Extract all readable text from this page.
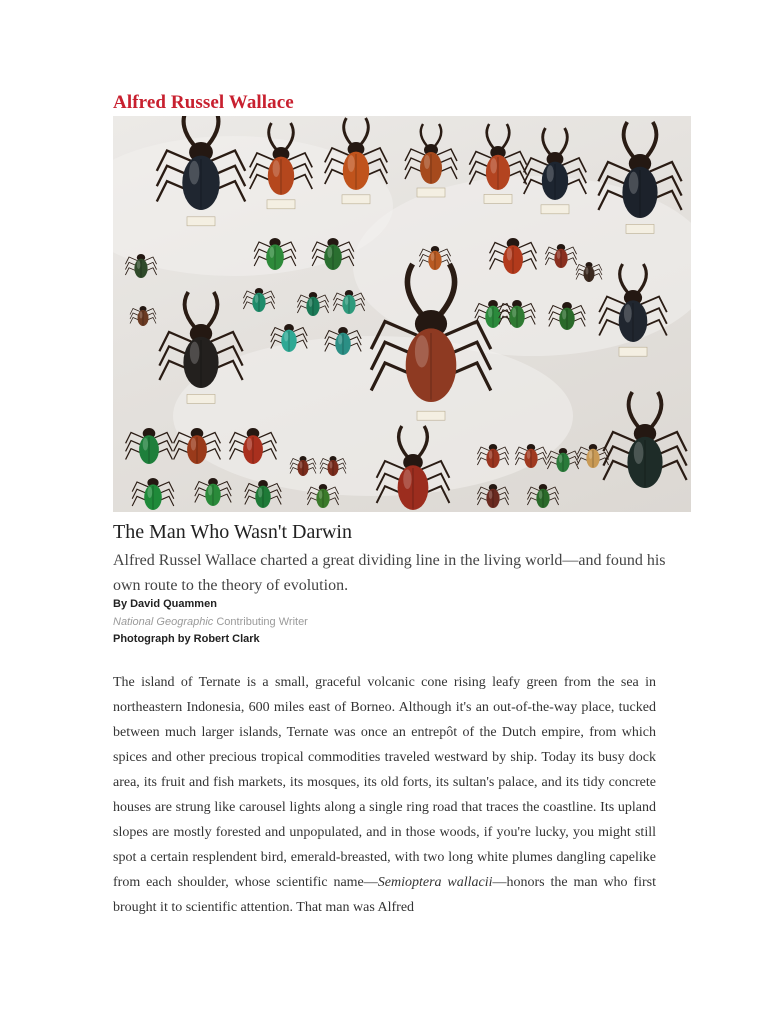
Alfred Russel Wallace
The Man Who Wasn't Darwin

Alfred Russel Wallace charted a great dividing line in the living world—and found his own route to the theory of evolution.

By David Quammen

National Geographic Contributing Writer

Photograph by Robert Clark

The island of Ternate is a small, graceful volcanic cone rising leafy green from the sea in northeastern Indonesia, 600 miles east of Borneo. Although it's an out-of-the-way place, tucked between much larger islands, Ternate was once an entrepôt of the Dutch empire, from which spices and other precious tropical commodities traveled westward by ship. Today its busy dock area, its fruit and fish markets, its mosques, its old forts, its sultan's palace, and its tidy concrete houses are strung like carousel lights along a single ring road that traces the coastline. Its upland slopes are mostly forested and unpopulated, and in those woods, if you're lucky, you might still spot a certain resplendent bird, emerald-breasted, with two long white plumes dangling capelike from each shoulder, whose scientific name—Semioptera wallacii—honors the man who first brought it to scientific attention. That man was Alfred
